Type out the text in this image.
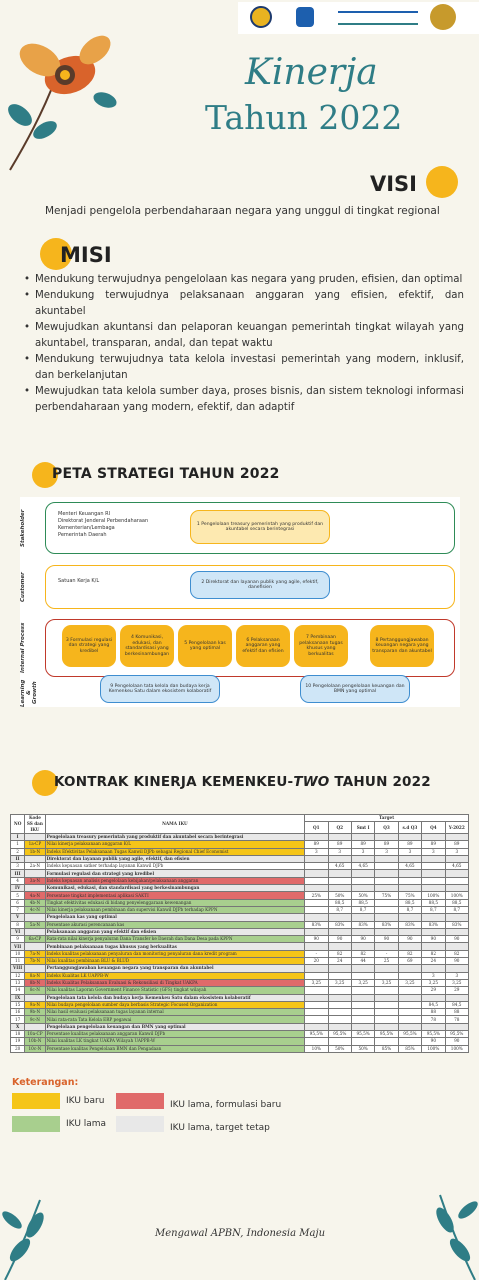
Kinerja
Tahun 2022
VISI
Menjadi pengelola perbendaharaan negara yang unggul di tingkat regional
MISI
• Mendukung terwujudnya pengelolaan kas negara yang pruden, efisien, dan optimal
• Mendukung terwujudnya pelaksanaan anggaran yang efisien, efektif, dan akuntabel
• Mewujudkan akuntansi dan pelaporan keuangan pemerintah tingkat wilayah yang akuntabel, transparan, andal, dan tepat waktu
• Mendukung terwujudnya tata kelola investasi pemerintah yang modern, inklusif, dan berkelanjutan
• Mewujudkan tata kelola sumber daya, proses bisnis, dan sistem teknologi informasi perbendaharaan yang modern, efektif, dan adaptif
PETA STRATEGI TAHUN 2022
Menteri Keuangan RI
Direktorat Jenderal Perbendaharaan
Kementerian/Lembaga
Pemerintah Daerah
Stakeholder	1 Pengelolaan treasury pemerintah yang produktif dan akuntabel secara berintegrasi
Satuan Kerja K/L
Customer	2 Direktorat dan layanan publik yang agile, efektif, danefisien
Internal Process	3 Formulasi regulasi dan strategi yang kredibel
4 Komunikasi, edukasi, dan standardisasi yang berkesinambungan
5 Pengelolaan kas yang optimal
6 Pelaksanaan anggaran yang efektif dan efisien
7 Pembinaan pelaksanaan tugas khusus yang berkualitas
8 Pertanggungjawaban keuangan negara yang transparan dan akuntabel
Learning & Growth	9 Pengelolaan tata kelola dan budaya kerja Kemenkeu Satu dalam ekosistem kolaboratif
10 Pengelolaan pengelolaan keuangan dan BMN yang optimal
KONTRAK KINERJA KEMENKEU-TWO TAHUN 2022
NO	Kode SS dan IKU	NAMA IKU	Target						
			Q1	Q2	Smt I	Q3	s.d Q3	Q4	Y-2022
I		Pengelolaan treasury pemerintah yang produktif dan akuntabel secara berintegrasi							
1	1a-CP	Nilai kinerja pelaksanaan anggaran K/L	89	89	89	89	89	89	89
2	1b-N	Indeks Efektivitas Pelaksanaan Tugas Kanwil DJPb sebagai Regional Chief Economist	3	3	3	3	3	3	3
II		Direktorat dan layanan publik yang agile, efektif, dan efisien							
3	2a-N	Indeks kepuasan satker terhadap layanan Kanwil DJPb		4,65	4,65		4,65		4,65
III		Formulasi regulasi dan strategi yang kredibel							
4	3a-N	Indeks kepuasan analisis pengelolaan kebijakan/pelaksanaan anggaran							
IV		Komunikasi, edukasi, dan standardisasi yang berkesinambungan							
5	4a-N	Persentase tingkat implementasi aplikasi SAKTI	25%	50%	50%	75%	75%	100%	100%
6	4b-N	Tingkat efektivitas edukasi di bidang penyelenggaraan kewenangan		88,5	88,5		88,5	88,5	88,5
7	4c-N	Nilai kinerja pelaksanaan pembinaan dan supervisi Kanwil DJPb terhadap KPPN		8,7	8,7		8,7	8,7	8,7
V		Pengelolaan kas yang optimal							
8	5a-N	Persentase akurasi perencanaan kas	83%	83%	83%	83%	83%	83%	83%
VI		Pelaksanaan anggaran yang efektif dan efisien							
9	6a-CP	Rata-rata nilai kinerja penyaluran Dana Transfer ke Daerah dan Dana Desa pada KPPN	90	90	90	90	90	90	90
VII		Pembinaan pelaksanaan tugas khusus yang berkualitas							
10	7a-N	Indeks kualitas pelaksanaan penyaluran dan monitoring penyaluran dana kredit program	-	82	82	-	82	82	82
11	7b-N	Nilai kualitas pembinaan BLU & BLUD	20	24	44	25	69	24	90
VIII		Pertanggungjawaban keuangan negara yang transparan dan akuntabel							
12	8a-N	Indeks Kualitas LK UAPPB-W						3	3
13	8b-N	Indeks Kualitas Pelaksanaan Evaluasi & Rekonsiliasi di Tingkat UAKPA	3,25	3,25	3,25	3,25	3,25	3,25	3,25
14	8c-N	Nilai kualitas Laporan Government Finance Statistic (GFS) tingkat wilayah						29	29
IX		Pengelolaan tata kelola dan budaya kerja Kemenkeu Satu dalam ekosistem kolaboratif							
15	9a-N	Nilai budaya pengelolaan sumber daya berbasis Strategic Focused Organization						84,5	84,5
16	9b-N	Nilai hasil evaluasi pelaksanaan tugas layanan internal						88	88
17	9c-N	Nilai rata-rata Tata Kelola ERP pegawai						78	78
X		Pengelolaan pengelolaan keuangan dan BMN yang optimal							
18	10a-CP	Persentase kualitas pelaksanaan anggaran Kanwil DJPb	95,5%	95,5%	95,5%	95,5%	95,5%	95,5%	95,5%
19	10b-N	Nilai kualitas LK tingkat UAKPA Wilayah UAPPB-W						90	90
20	10c-N	Persentase kualitas Pengelolaan BMN dan Pengadaan	10%	50%	50%	85%	85%	100%	100%
Keterangan:
IKU baru	IKU lama, formulasi baru
IKU lama	IKU lama, target tetap
Mengawal APBN, Indonesia Maju
